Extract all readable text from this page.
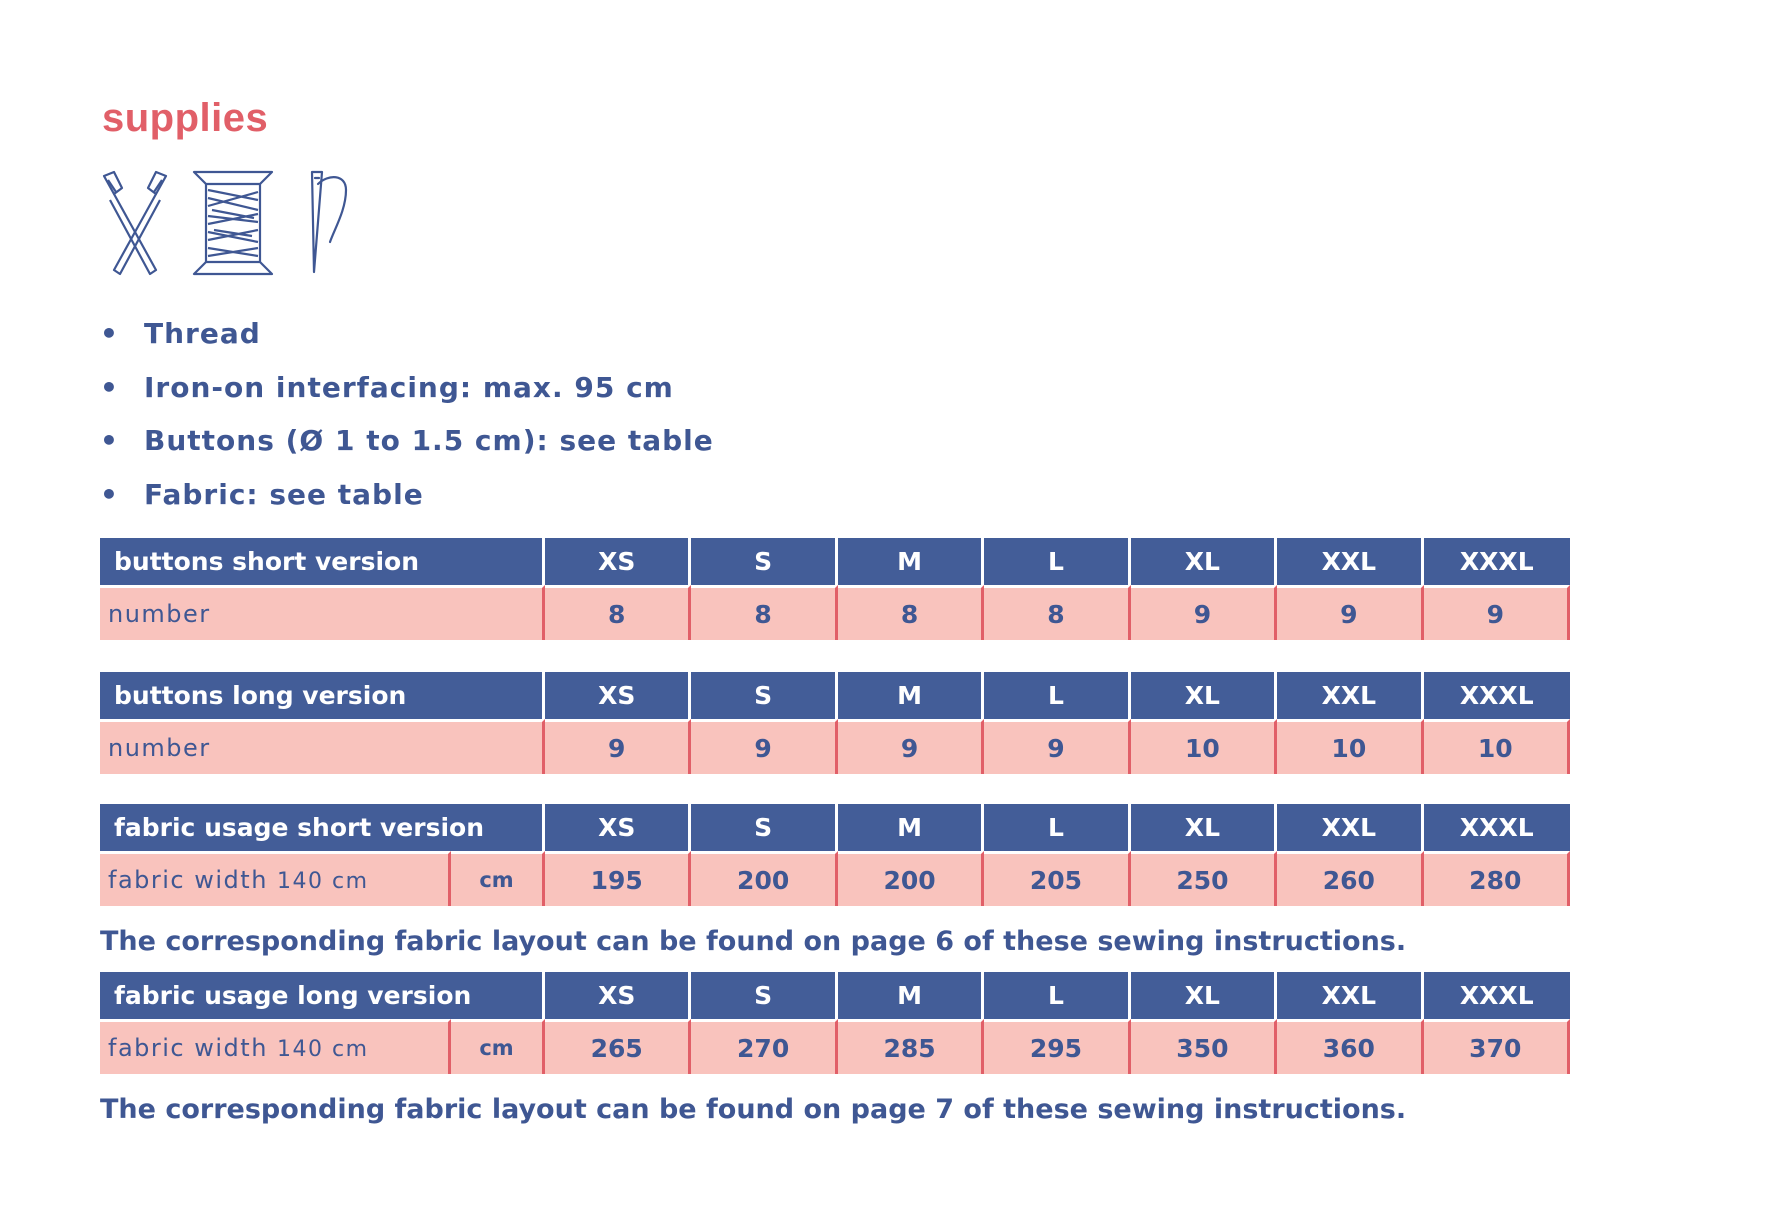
supplies
• Thread
• Iron-on interfacing: max. 95 cm
• Buttons (Ø 1 to 1.5 cm): see table
• Fabric: see table
buttons short version	XS	S	M	L	XL	XXL	XXXL
number	8	8	8	8	9	9	9
buttons long version	XS	S	M	L	XL	XXL	XXXL
number	9	9	9	9	10	10	10
fabric usage short version		XS	S	M	L	XL	XXL	XXXL
fabric width 140 cm	cm	195	200	200	205	250	260	280
The corresponding fabric layout can be found on page 6 of these sewing instructions.
fabric usage long version		XS	S	M	L	XL	XXL	XXXL
fabric width 140 cm	cm	265	270	285	295	350	360	370
The corresponding fabric layout can be found on page 7 of these sewing instructions.
